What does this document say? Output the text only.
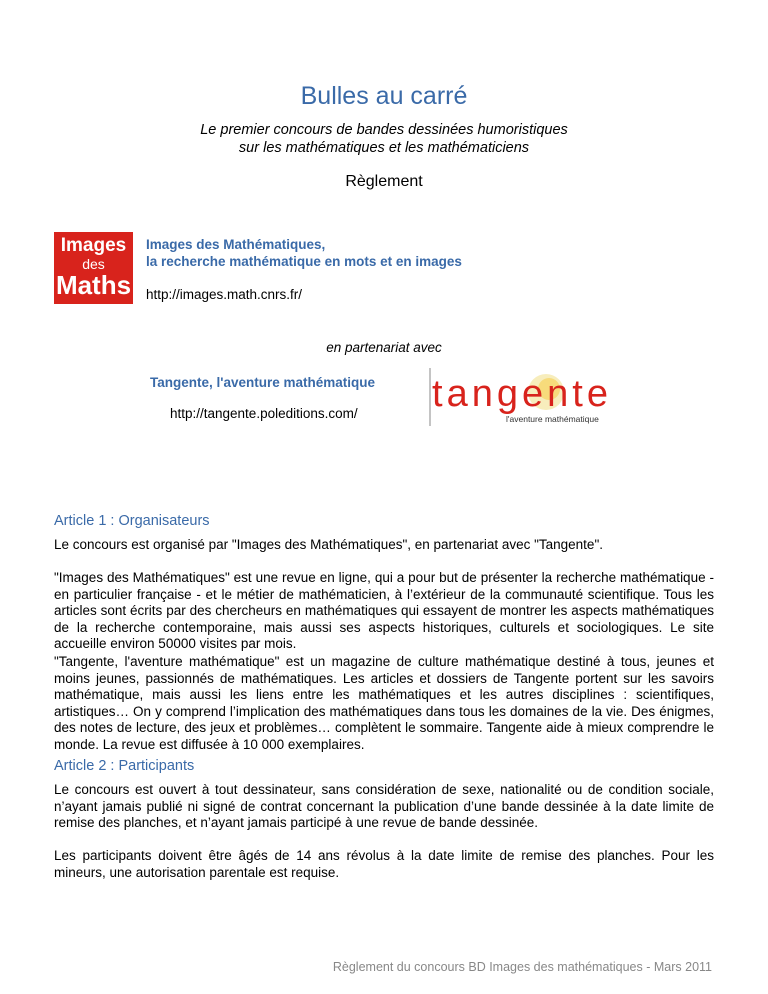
Bulles au carré
Le premier concours de bandes dessinées humoristiques
sur les mathématiques et les mathématiciens
Règlement
Images
des
Maths
Images des Mathématiques,
la recherche mathématique en mots et en images
http://images.math.cnrs.fr/
en partenariat avec
Tangente, l'aventure mathématique
http://tangente.poleditions.com/ tangente
l'aventure mathématique
Article 1 : Organisateurs
Le concours est organisé par "Images des Mathématiques", en partenariat avec "Tangente".
"Images des Mathématiques" est une revue en ligne, qui a pour but de présenter la recherche mathématique - en particulier française - et le métier de mathématicien, à l’extérieur de la communauté scientifique. Tous les articles sont écrits par des chercheurs en mathématiques qui essayent de montrer les aspects mathématiques de la recherche contemporaine, mais aussi ses aspects historiques, culturels et sociologiques. Le site accueille environ 50000 visites par mois.
"Tangente, l'aventure mathématique" est un magazine de culture mathématique destiné à tous, jeunes et moins jeunes, passionnés de mathématiques. Les articles et dossiers de Tangente portent sur les savoirs mathématique, mais aussi les liens entre les mathématiques et les autres disciplines : scientifiques, artistiques… On y comprend l’implication des mathématiques dans tous les domaines de la vie. Des énigmes, des notes de lecture, des jeux et problèmes… complètent le sommaire. Tangente aide à mieux comprendre le monde. La revue est diffusée à 10 000 exemplaires.
Article 2 : Participants
Le concours est ouvert à tout dessinateur, sans considération de sexe, nationalité ou de condition sociale, n’ayant jamais publié ni signé de contrat concernant la publication d’une bande dessinée à la date limite de remise des planches, et n’ayant jamais participé à une revue de bande dessinée.
Les participants doivent être âgés de 14 ans révolus à la date limite de remise des planches. Pour les mineurs, une autorisation parentale est requise.
Règlement du concours BD Images des mathématiques - Mars 2011
